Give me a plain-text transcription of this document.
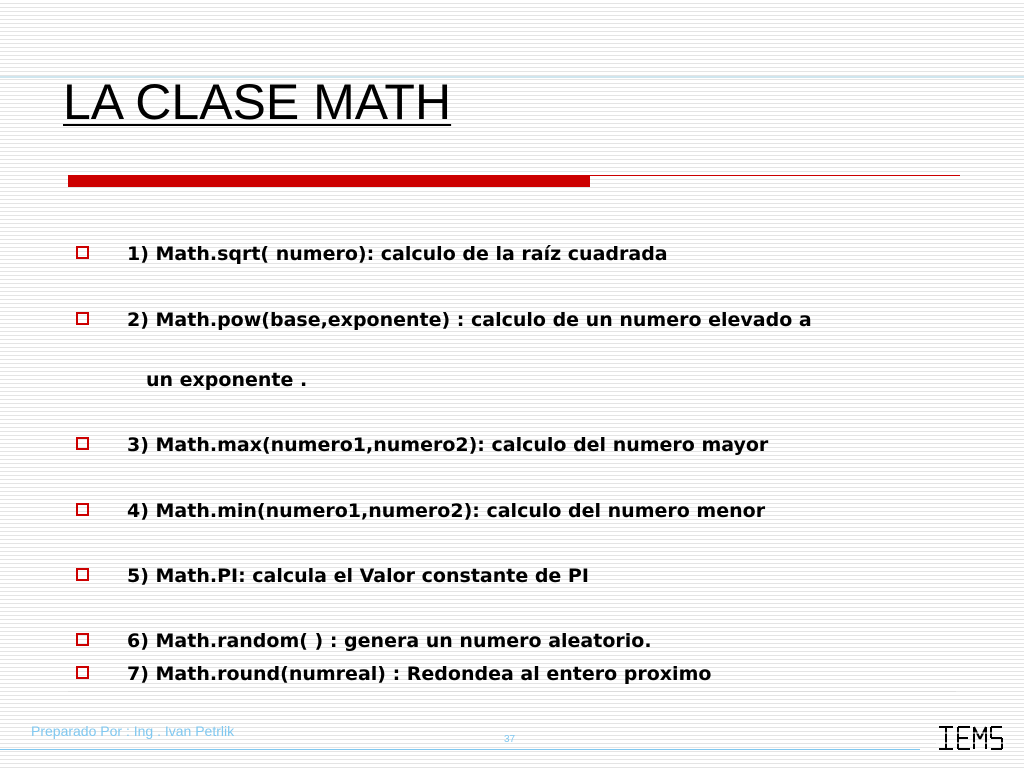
LA CLASE MATH
1) Math.sqrt( numero): calculo de la raíz cuadrada
2) Math.pow(base,exponente) : calculo de un numero elevado a
3) Math.max(numero1,numero2): calculo del numero mayor
4) Math.min(numero1,numero2): calculo del numero menor
5) Math.PI: calcula el Valor constante de PI
6) Math.random( ) : genera un numero aleatorio.
7) Math.round(numreal) : Redondea al entero proximo
un exponente .
Preparado Por : Ing . Ivan Petrlik
37
